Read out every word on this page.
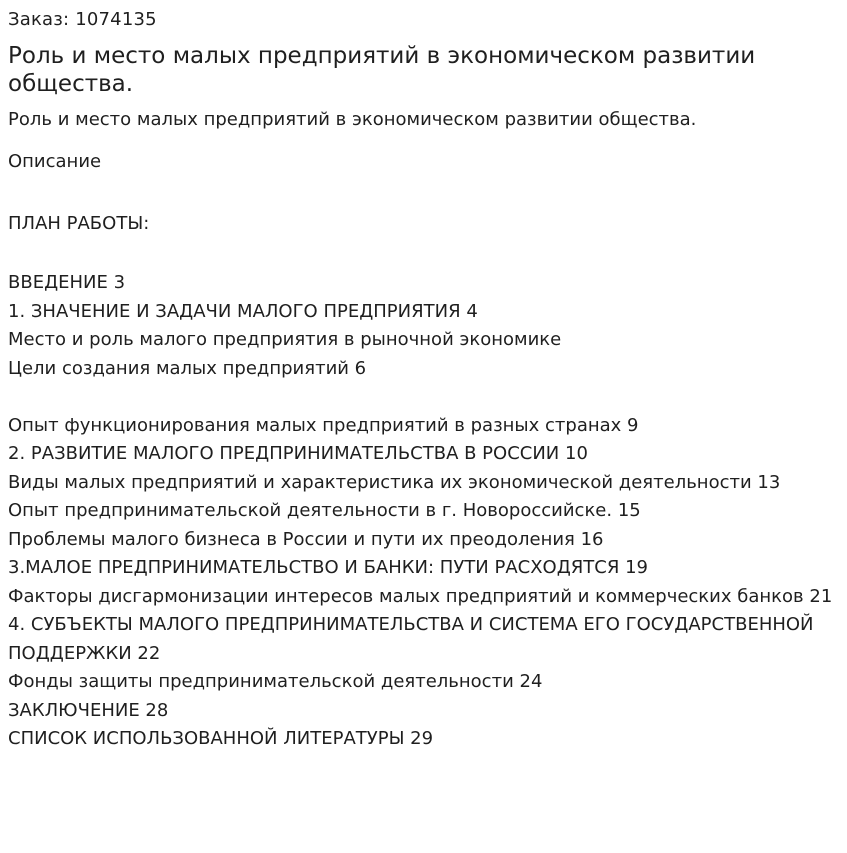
Заказ: 1074135

Роль и место малых предприятий в экономическом развитии общества.

Роль и место малых предприятий в экономическом развитии общества.

Описание

ПЛАН РАБОТЫ:

ВВЕДЕНИЕ 3
1. ЗНАЧЕНИЕ И ЗАДАЧИ МАЛОГО ПРЕДПРИЯТИЯ 4
Место и роль малого предприятия в рыночной экономике
Цели создания малых предприятий 6
Опыт функционирования малых предприятий в разных странах 9
2. РАЗВИТИЕ МАЛОГО ПРЕДПРИНИМАТЕЛЬСТВА В РОССИИ 10
Виды малых предприятий и характеристика их экономической деятельности 13
Опыт предпринимательской деятельности в г. Новороссийске. 15
Проблемы малого бизнеса в России и пути их преодоления 16
3.МАЛОЕ ПРЕДПРИНИМАТЕЛЬСТВО И БАНКИ: ПУТИ РАСХОДЯТСЯ 19
Факторы дисгармонизации интересов малых предприятий и коммерческих банков 21
4. СУБЪЕКТЫ МАЛОГО ПРЕДПРИНИМАТЕЛЬСТВА И СИСТЕМА ЕГО ГОСУДАРСТВЕННОЙ ПОДДЕРЖКИ 22
Фонды защиты предпринимательской деятельности 24
ЗАКЛЮЧЕНИЕ 28
СПИСОК ИСПОЛЬЗОВАННОЙ ЛИТЕРАТУРЫ 29
